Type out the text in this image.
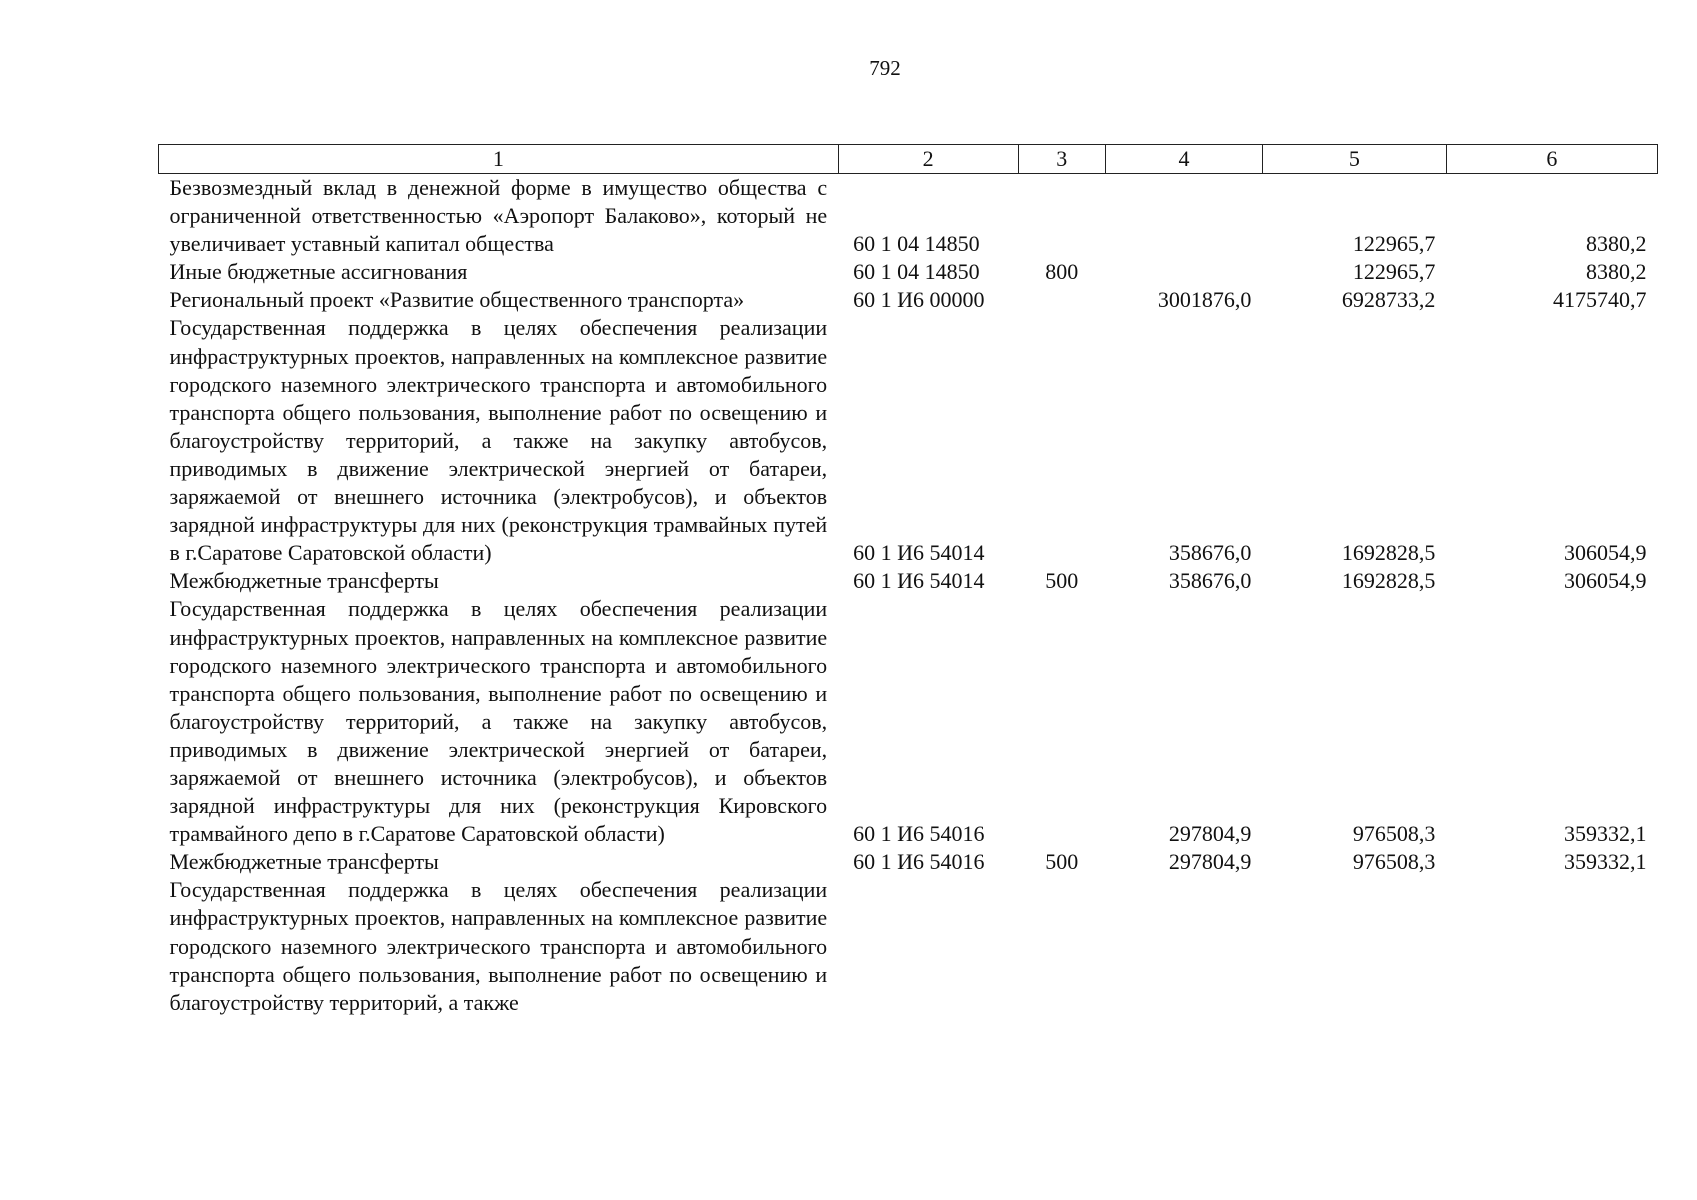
792
1	2	3	4	5	6
Безвозмездный вклад в денежной форме в имущество общества с ограниченной ответственностью «Аэропорт Балаково», который не увеличивает уставный капитал общества	60 1 04 14850			122965,7	8380,2
Иные бюджетные ассигнования	60 1 04 14850	800		122965,7	8380,2
Региональный проект «Развитие общественного транспорта»	60 1 И6 00000		3001876,0	6928733,2	4175740,7
Государственная поддержка в целях обеспечения реализации инфраструктурных проектов, направленных на комплексное развитие городского наземного электрического транспорта и автомобильного транспорта общего пользования, выполнение работ по освещению и благоустройству территорий, а также на закупку автобусов, приводимых в движение электрической энергией от батареи, заряжаемой от внешнего источника (электробусов), и объектов зарядной инфраструктуры для них (реконструкция трамвайных путей в г.Саратове Саратовской области)	60 1 И6 54014		358676,0	1692828,5	306054,9
Межбюджетные трансферты	60 1 И6 54014	500	358676,0	1692828,5	306054,9
Государственная поддержка в целях обеспечения реализации инфраструктурных проектов, направленных на комплексное развитие городского наземного электрического транспорта и автомобильного транспорта общего пользования, выполнение работ по освещению и благоустройству территорий, а также на закупку автобусов, приводимых в движение электрической энергией от батареи, заряжаемой от внешнего источника (электробусов), и объектов зарядной инфраструктуры для них (реконструкция Кировского трамвайного депо в г.Саратове Саратовской области)	60 1 И6 54016		297804,9	976508,3	359332,1
Межбюджетные трансферты	60 1 И6 54016	500	297804,9	976508,3	359332,1
Государственная поддержка в целях обеспечения реализации инфраструктурных проектов, направленных на комплексное развитие городского наземного электрического транспорта и автомобильного транспорта общего пользования, выполнение работ по освещению и благоустройству территорий, а также					
